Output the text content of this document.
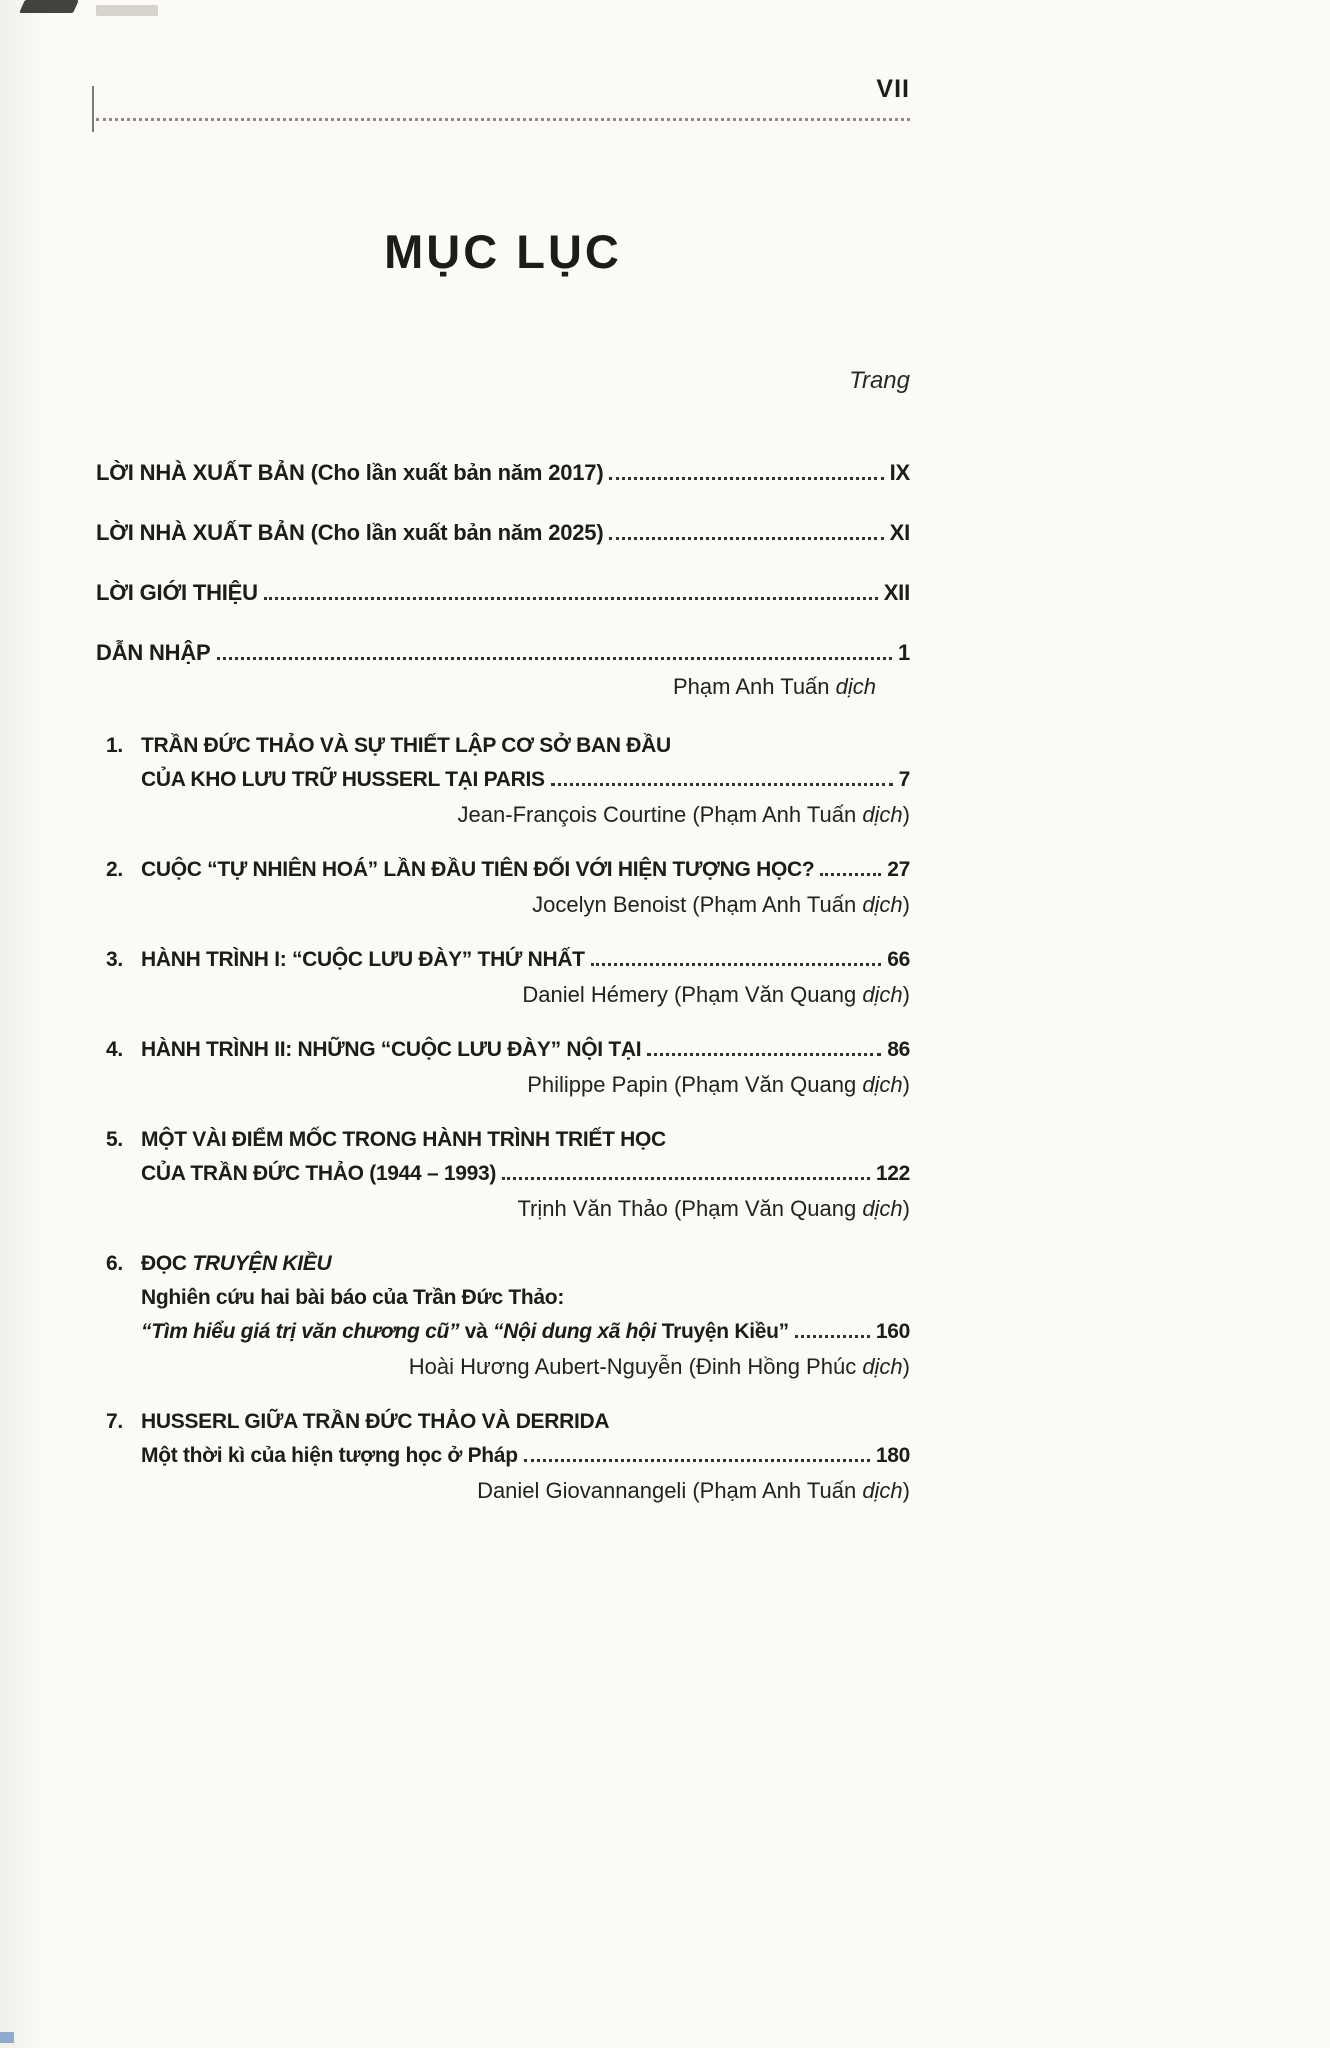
VII
MỤC LỤC
Trang
LỜI NHÀ XUẤT BẢN (Cho lần xuất bản năm 2017)	IX
LỜI NHÀ XUẤT BẢN (Cho lần xuất bản năm 2025)	XI
LỜI GIỚI THIỆU	XII
DẪN NHẬP	1
Phạm Anh Tuấn dịch
1. TRẦN ĐỨC THẢO VÀ SỰ THIẾT LẬP CƠ SỞ BAN ĐẦU
CỦA KHO LƯU TRỮ HUSSERL TẠI PARIS	7
Jean-François Courtine (Phạm Anh Tuấn dịch)
2. CUỘC “TỰ NHIÊN HOÁ” LẦN ĐẦU TIÊN ĐỐI VỚI HIỆN TƯỢNG HỌC?	27
Jocelyn Benoist (Phạm Anh Tuấn dịch)
3. HÀNH TRÌNH I: “CUỘC LƯU ĐÀY” THỨ NHẤT	66
Daniel Hémery (Phạm Văn Quang dịch)
4. HÀNH TRÌNH II: NHỮNG “CUỘC LƯU ĐÀY” NỘI TẠI	86
Philippe Papin (Phạm Văn Quang dịch)
5. MỘT VÀI ĐIỂM MỐC TRONG HÀNH TRÌNH TRIẾT HỌC
CỦA TRẦN ĐỨC THẢO (1944 – 1993)	122
Trịnh Văn Thảo (Phạm Văn Quang dịch)
6. ĐỌC TRUYỆN KIỀU
Nghiên cứu hai bài báo của Trần Đức Thảo:
“Tìm hiểu giá trị văn chương cũ” và “Nội dung xã hội Truyện Kiều”	160
Hoài Hương Aubert-Nguyễn (Đinh Hồng Phúc dịch)
7. HUSSERL GIỮA TRẦN ĐỨC THẢO VÀ DERRIDA
Một thời kì của hiện tượng học ở Pháp	180
Daniel Giovannangeli (Phạm Anh Tuấn dịch)
